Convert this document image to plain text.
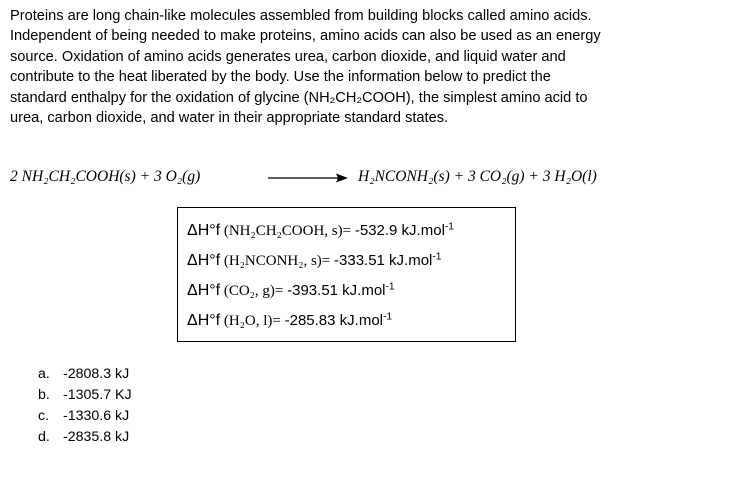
Proteins are long chain-like molecules assembled from building blocks called amino acids.
Independent of being needed to make proteins, amino acids can also be used as an energy
source. Oxidation of amino acids generates urea, carbon dioxide, and liquid water and
contribute to the heat liberated by the body. Use the information below to predict the
standard enthalpy for the oxidation of glycine (NH₂CH₂COOH), the simplest amino acid to
urea, carbon dioxide, and water in their appropriate standard states.
2 NH₂CH₂COOH(s) + 3 O₂(g)	H₂NCONH₂(s) + 3 CO₂(g) + 3 H₂O(l)
ΔH°f (NH₂CH₂COOH, s)= -532.9 kJ.mol$^{-1}$
ΔH°f (H₂NCONH₂, s)= -333.51 kJ.mol$^{-1}$
ΔH°f (CO₂, g)= -393.51 kJ.mol$^{-1}$
ΔH°f (H₂O, l)= -285.83 kJ.mol$^{-1}$
a. -2808.3 kJ
b. -1305.7 KJ
c. -1330.6 kJ
d. -2835.8 kJ
